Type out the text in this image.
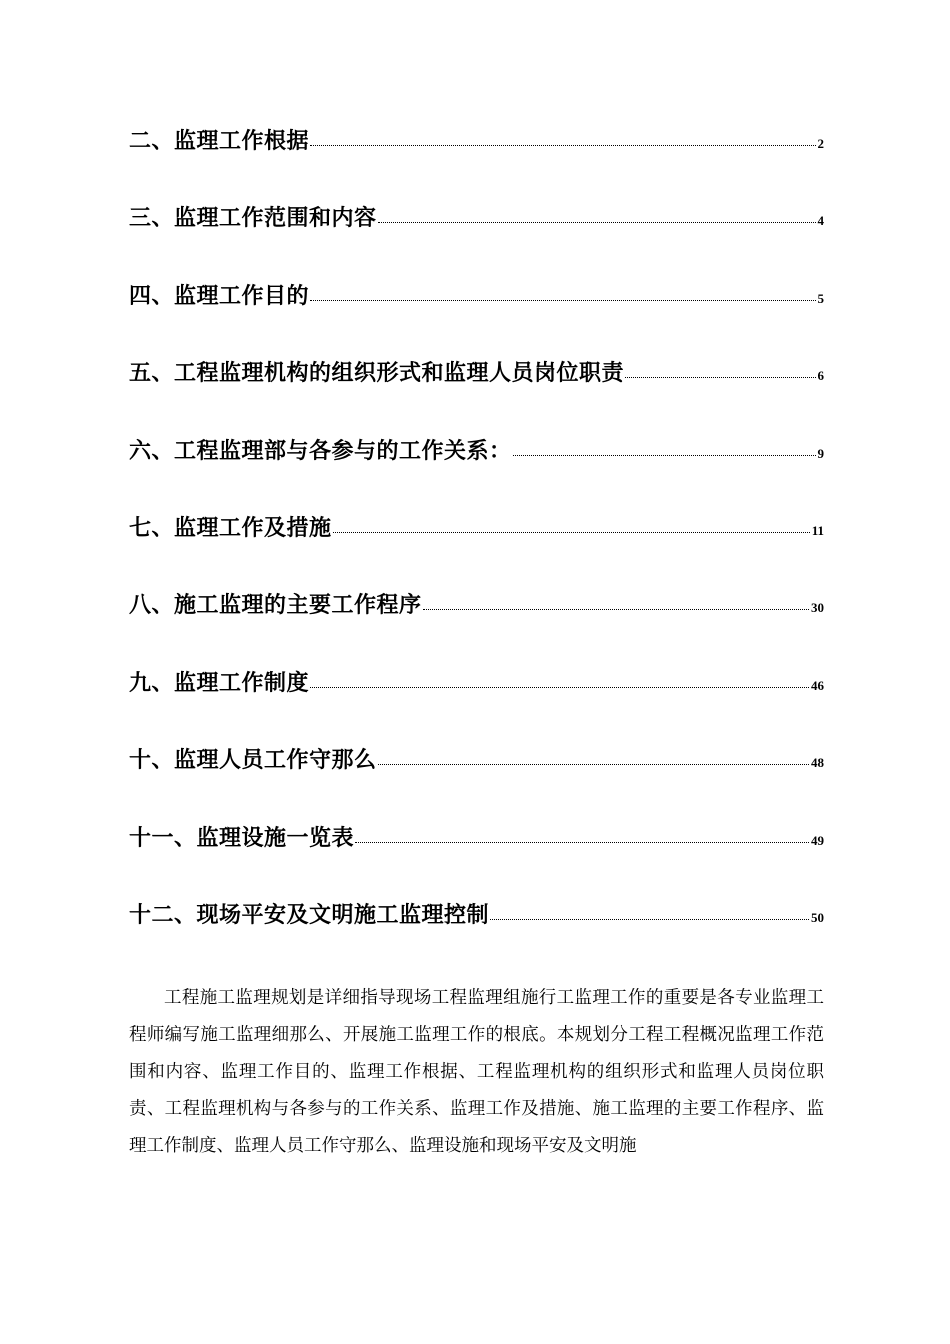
二、监理工作根据	2
三、监理工作范围和内容	4
四、监理工作目的	5
五、工程监理机构的组织形式和监理人员岗位职责	6
六、工程监理部与各参与的工作关系：	9
七、监理工作及措施	11
八、施工监理的主要工作程序	30
九、监理工作制度	46
十、监理人员工作守那么	48
十一、监理设施一览表	49
十二、现场平安及文明施工监理控制	50

工程施工监理规划是详细指导现场工程监理组施行工监理工作的重要是各专业监理工程师编写施工监理细那么、开展施工监理工作的根底。本规划分工程工程概况监理工作范围和内容、监理工作目的、监理工作根据、工程监理机构的组织形式和监理人员岗位职责、工程监理机构与各参与的工作关系、监理工作及措施、施工监理的主要工作程序、监理工作制度、监理人员工作守那么、监理设施和现场平安及文明施
